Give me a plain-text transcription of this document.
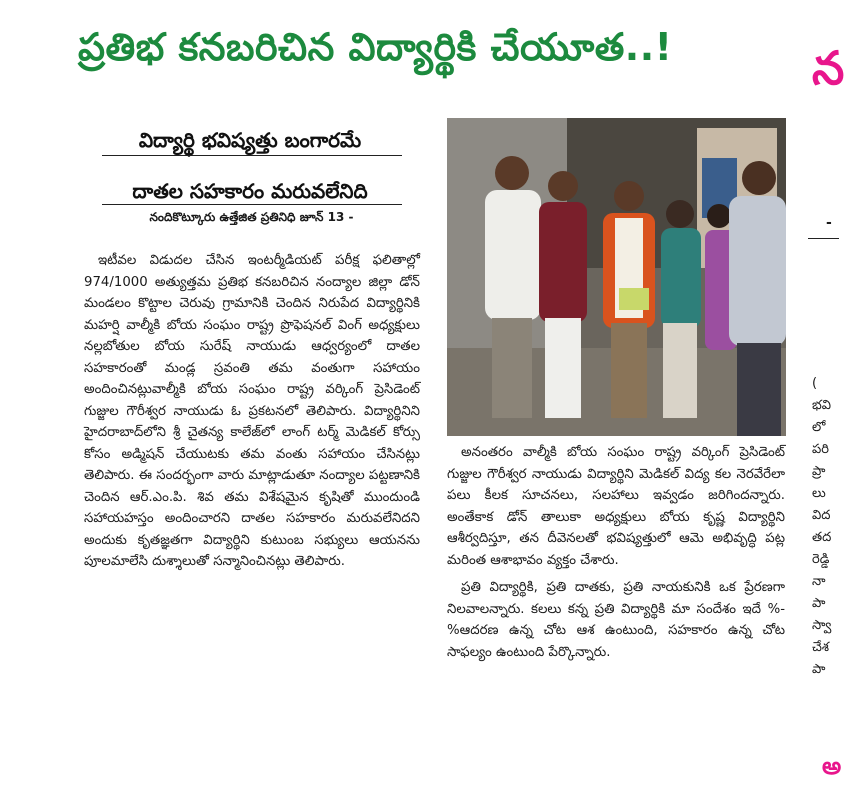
ప్రతిభ కనబరిచిన విద్యార్థికి చేయూత..!	న
విద్యార్థి భవిష్యత్తు బంగారమే
దాతల సహకారం మరువలేనిది
నందికొట్కూరు ఉత్తేజిత ప్రతినిధి జూన్ 13 -

ఇటీవల విడుదల చేసిన ఇంటర్మీడియట్ పరీక్ష ఫలితాల్లో 974/1000 అత్యుత్తమ ప్రతిభ కనబరిచిన నంద్యాల జిల్లా డోన్ మండలం కొట్టాల చెరువు గ్రామానికి చెందిన నిరుపేద విద్యార్థినికి మహర్షి వాల్మీకి బోయ సంఘం రాష్ట్ర ప్రొఫెషనల్ వింగ్ అధ్యక్షులు నల్లబోతుల బోయ సురేష్ నాయుడు ఆధ్వర్యంలో దాతల సహకారంతో మండ్ల స్రవంతి తమ వంతుగా సహాయం అందించినట్లువాల్మీకి బోయ సంఘం రాష్ట్ర వర్కింగ్ ప్రెసిడెంట్ గుజ్జుల గౌరీశ్వర నాయుడు ఓ ప్రకటనలో తెలిపారు. విద్యార్థినిని హైదరాబాద్‌లోని శ్రీ చైతన్య కాలేజ్‌లో లాంగ్ టర్మ్ మెడికల్ కోర్సు కోసం అడ్మిషన్ చేయుటకు తమ వంతు సహాయం చేసినట్లు తెలిపారు. ఈ సందర్భంగా వారు మాట్లాడుతూ నంద్యాల పట్టణానికి చెందిన ఆర్.ఎం.పి. శివ తమ విశేషమైన కృషితో ముందుండి సహాయహస్తం అందించారని దాతల సహకారం మరువలేనిదని అందుకు కృతజ్ఞతగా విద్యార్థిని కుటుంబ సభ్యులు ఆయనను పూలమాలేసి దుశ్శాలుతో సన్మానించినట్లు తెలిపారు.

అనంతరం వాల్మీకి బోయ సంఘం రాష్ట్ర వర్కింగ్ ప్రెసిడెంట్ గుజ్జుల గౌరీశ్వర నాయుడు విద్యార్థిని మెడికల్ విద్య కల నెరవేరేలా పలు కీలక సూచనలు, సలహాలు ఇవ్వడం జరిగిందన్నారు. అంతేకాక డోన్ తాలుకా అధ్యక్షులు బోయ కృష్ణ విద్యార్థిని ఆశీర్వదిస్తూ, తన దీవెనలతో భవిష్యత్తులో ఆమె అభివృద్ధి పట్ల మరింత ఆశాభావం వ్యక్తం చేశారు.

ప్రతి విద్యార్థికి, ప్రతి దాతకు, ప్రతి నాయకునికి ఒక ప్రేరణగా నిలవాలన్నారు. కలలు కన్న ప్రతి విద్యార్థికి మా సందేశం ఇదే %-%ఆదరణ ఉన్న చోట ఆశ ఉంటుంది, సహకారం ఉన్న చోట సాఫల్యం ఉంటుంది పేర్కొన్నారు.

-
(
భవి
లో
పరి
ప్రా
లు
విద
తద
రెడ్డి
నా
పా
స్వా
చేశ
పా
అ
